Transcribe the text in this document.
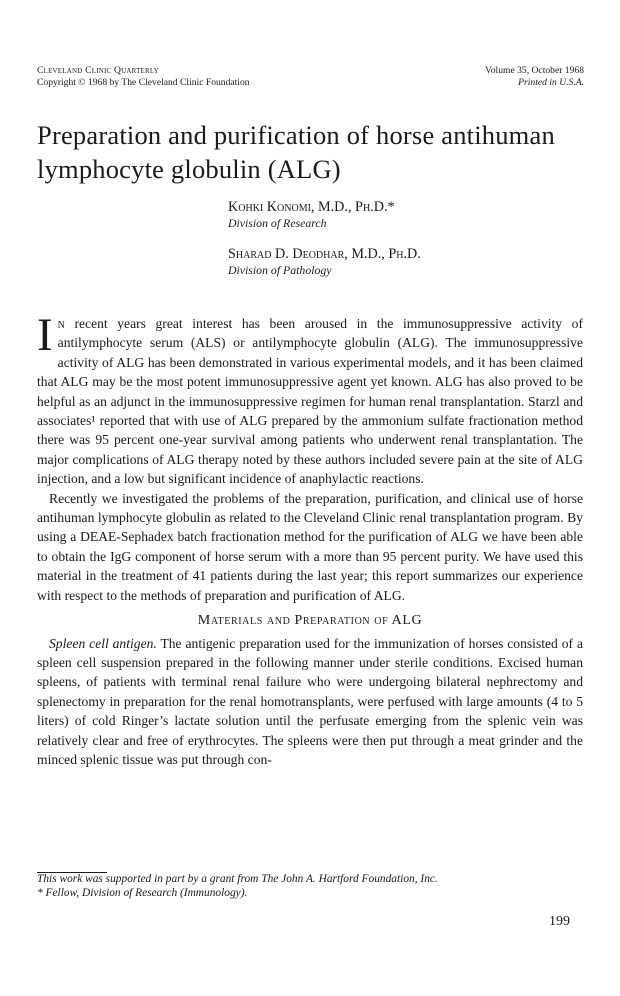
Cleveland Clinic Quarterly
Copyright © 1968 by The Cleveland Clinic Foundation
Volume 35, October 1968
Printed in U.S.A.
Preparation and purification of horse antihuman lymphocyte globulin (ALG)
Kohki Konomi, M.D., Ph.D.*
Division of Research
Sharad D. Deodhar, M.D., Ph.D.
Division of Pathology

In recent years great interest has been aroused in the immunosuppressive activity of antilymphocyte serum (ALS) or antilymphocyte globulin (ALG). The immunosuppressive activity of ALG has been demonstrated in various experimental models, and it has been claimed that ALG may be the most potent immunosuppressive agent yet known. ALG has also proved to be helpful as an adjunct in the immunosuppressive regimen for human renal transplantation. Starzl and associates¹ reported that with use of ALG prepared by the ammonium sulfate fractionation method there was 95 percent one-year survival among patients who underwent renal transplantation. The major complications of ALG therapy noted by these authors included severe pain at the site of ALG injection, and a low but significant incidence of anaphylactic reactions.

Recently we investigated the problems of the preparation, purification, and clinical use of horse antihuman lymphocyte globulin as related to the Cleveland Clinic renal transplantation program. By using a DEAE-Sephadex batch fractionation method for the purification of ALG we have been able to obtain the IgG component of horse serum with a more than 95 percent purity. We have used this material in the treatment of 41 patients during the last year; this report summarizes our experience with respect to the methods of preparation and purification of ALG.

Materials and Preparation of ALG

Spleen cell antigen. The antigenic preparation used for the immunization of horses consisted of a spleen cell suspension prepared in the following manner under sterile conditions. Excised human spleens, of patients with terminal renal failure who were undergoing bilateral nephrectomy and splenectomy in preparation for the renal homotransplants, were perfused with large amounts (4 to 5 liters) of cold Ringer’s lactate solution until the perfusate emerging from the splenic vein was relatively clear and free of erythrocytes. The spleens were then put through a meat grinder and the minced splenic tissue was put through con-

This work was supported in part by a grant from The John A. Hartford Foundation, Inc.
* Fellow, Division of Research (Immunology).
199
